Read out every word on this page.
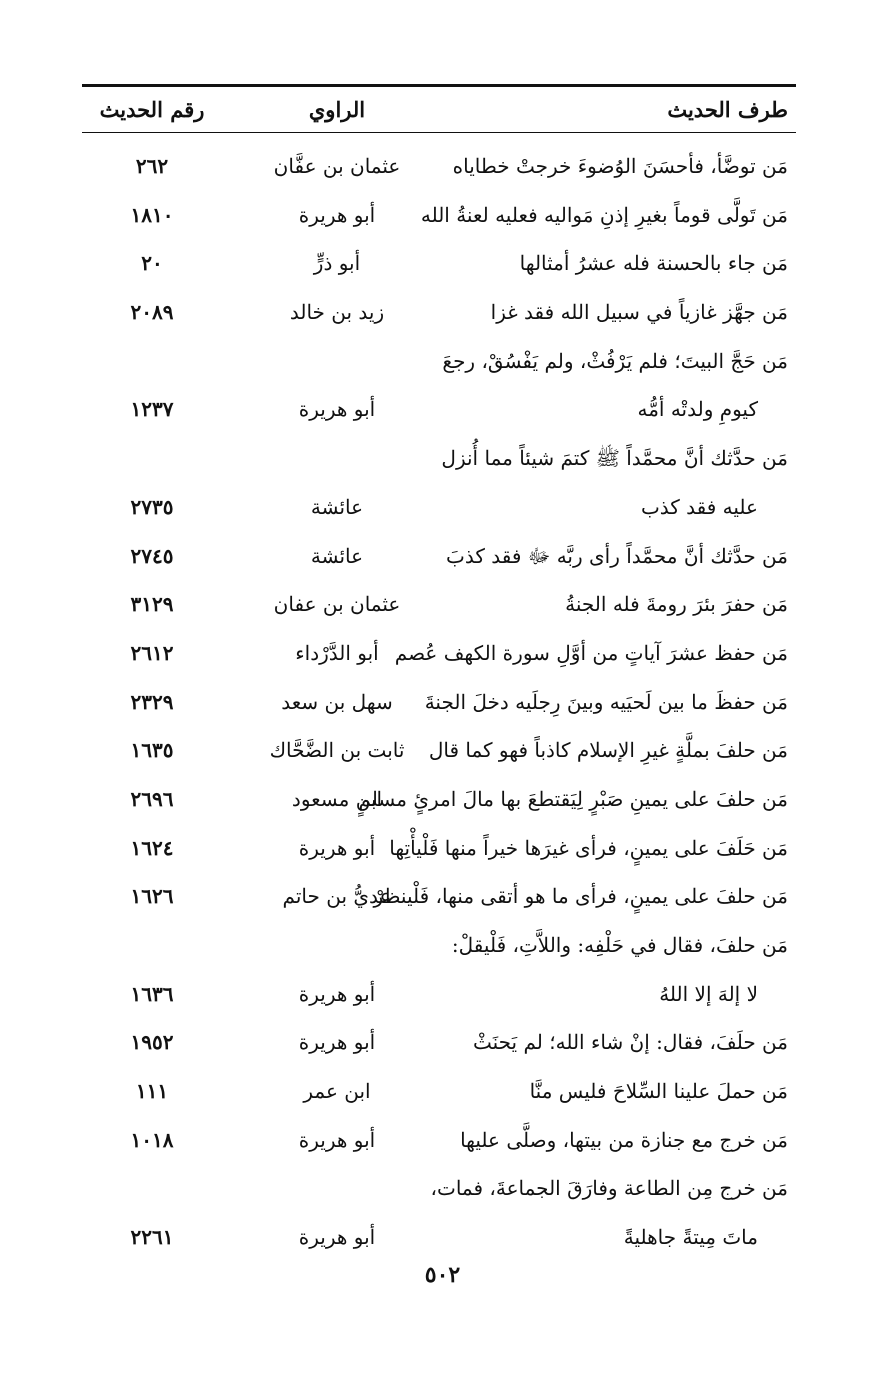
طرف الحديث
الراوي
رقم الحديث
مَن توضَّأ، فأحسَنَ الوُضوءَ خرجتْ خطاياه
عثمان بن عفَّان
٢٦٢
مَن تَولَّى قوماً بغيرِ إذنِ مَواليه فعليه لعنةُ الله
أبو هريرة
١٨١٠
مَن جاء بالحسنة فله عشرُ أمثالها
أبو ذرٍّ
٢٠
مَن جهَّز غازياً في سبيل الله فقد غزا
زيد بن خالد
٢٠٨٩
مَن حَجَّ البيتَ؛ فلم يَرْفُثْ، ولم يَفْسُقْ، رجعَ
كيومِ ولدتْه أمُّه
أبو هريرة
١٢٣٧
مَن حدَّثك أنَّ محمَّداً ﷺ كتمَ شيئاً مما أُنزل
عليه فقد كذب
عائشة
٢٧٣٥
مَن حدَّثك أنَّ محمَّداً رأى ربَّه ﷻ فقد كذبَ
عائشة
٢٧٤٥
مَن حفرَ بئرَ رومةَ فله الجنةُ
عثمان بن عفان
٣١٢٩
مَن حفظ عشرَ آياتٍ من أوَّلِ سورة الكهف عُصم
أبو الدَّرْداء
٢٦١٢
مَن حفظَ ما بين لَحيَيه وبينَ رِجلَيه دخلَ الجنةَ
سهل بن سعد
٢٣٢٩
مَن حلفَ بملَّةٍ غيرِ الإسلام كاذباً فهو كما قال
ثابت بن الضَّحَّاك
١٦٣٥
مَن حلفَ على يمينِ صَبْرٍ لِيَقتطعَ بها مالَ امرئٍ مسلمٍ
ابن مسعود
٢٦٩٦
مَن حَلَفَ على يمينٍ، فرأى غيرَها خيراً منها فَلْيأْتِها
أبو هريرة
١٦٢٤
مَن حلفَ على يمينٍ، فرأى ما هو أتقى منها، فَلْينظرْ
عديُّ بن حاتم
١٦٢٦
مَن حلفَ، فقال في حَلْفِه: واللاَّتِ، فَلْيقلْ:
لا إلهَ إلا اللهُ
أبو هريرة
١٦٣٦
مَن حلَفَ، فقال: إنْ شاء الله؛ لم يَحنَثْ
أبو هريرة
١٩٥٢
مَن حملَ علينا السِّلاحَ فليس منَّا
ابن عمر
١١١
مَن خرج مع جنازة من بيتها، وصلَّى عليها
أبو هريرة
١٠١٨
مَن خرج مِن الطاعة وفارَقَ الجماعةَ، فمات،
ماتَ مِيتةً جاهليةً
أبو هريرة
٢٢٦١
٥٠٢
